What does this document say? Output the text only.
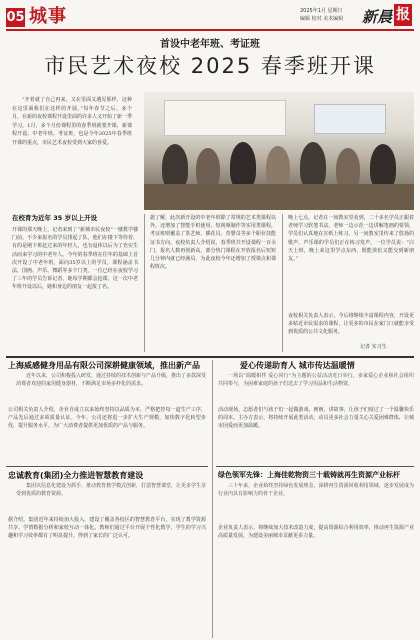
05 城事	2025年1月 星期日
编辑 校对 美术编辑 新晨 报
首设中老年班、考证班
市民艺术夜校 2025 春季班开课
“开着就了自己再来，又在里面又遇见那样，这种在这里面我们在这样的开展。”每年春节之后，多个月，在新的夜校课程开设里面的许多人又开始了新一季学习。1月，多个月份课程里的春季班就要开课，新课程开设、中老年班、考证班，也是今年2025年春季班开课的重点，市民艺术夜校受到大家的喜爱。
在校育为近年 35 岁以上开设
开课的那天晚上，记者来到了“新城市民夜校”一楼教学楼门前，不少来报名的学员排起了队，他们在楼下等待着，有的是刚下班赶过来的年轻人，也有退休以后为了充实生活而来学习的中老年人。今年的春季班在往年的基础上首次开设了中老年班，面向35岁以上的学员，课程涵盖书法、国画、声乐、舞蹈等多个门类。一位已经在夜校学习了三年的学员告诉记者，她每学期都会抢课，这一次中老年班开设以后，她和身边的朋友一起报了名。
据了解，此次新开设的中老年班除了常规的艺术类课程以外，还增加了智能手机使用、短视频制作等实用类课程，考证班则覆盖了茶艺师、插花员、育婴员等多个职业技能证书方向。夜校负责人介绍说，春季班共开设课程一百余门，报名人数再创新高，部分热门课程在开放报名后短短几分钟内就已经满员，为此夜校今年还增加了授课点和课程班次。
晚上七点，记者在一间教室里看到，二十多名学员正跟着老师学习软笔书法，老师一边示范一边讲解笔画的要领，学员们认真地在宣纸上练习。另一间教室里传来了悠扬的歌声，声乐课的学员们正在练习发声。一位学员说：“白天上班，晚上来这里学点东西，既能放松又能交到新朋友。”
夜校相关负责人表示，今后将继续丰富课程内容，开设更多贴近市民需求的课程，让更多的市民在家门口就能享受到优质的公共文化服务。
记者 实习生
上海威感健身用品有限公司深耕健康领域，推出新产品
近年以来，公司积极投入研发，通过持续的技术创新与产品升级，推出了多款深受消费者欢迎的家用健身器材，不断满足市场多样化的需求。
公司相关负责人介绍，企业自成立以来始终坚持以品质为本，严格把控每一道生产工序，产品先后通过多项质量认证。今年，公司还将进一步扩大生产规模，加快数字化转型步伐，提升服务水平，为广大消费者提供更加优质的产品与服务。
爱心传递助育人 城市传达温暖情
一场以“温暖相伴 爱心同行”为主题的公益活动近日举行，多家爱心企业和社会组织共同参与，为困难家庭的孩子们送去了学习用品和生活物资。
活动现场，志愿者们与孩子们一起做游戏、画画、讲故事，让孩子们度过了一个温馨快乐的周末。主办方表示，将持续开展此类活动，动员更多社会力量关心关爱困难群体，让城市因爱而更加温暖。
忠诚教育(集团)全力推进智慧教育建设
集团以信息化建设为抓手，推动教育教学模式创新，打造智慧课堂，让更多学生享受到优质的教育资源。
据介绍，集团近年来持续加大投入，建设了覆盖各校区的智慧教育平台，实现了教学资源共享、学情数据分析和家校互动一体化。教师们通过平台开展个性化教学，学生的学习兴趣和学习效率都有了明显提升，得到了家长的广泛认可。
绿色领军先锋：上海佳乾物资三十载铸就再生资源产业标杆
三十年来，企业始终坚持绿色发展理念，深耕再生资源回收利用领域，逐步发展成为行业内具有影响力的骨干企业。
企业负责人表示，将继续加大技术改造力度，提高资源综合利用效率，推动再生资源产业高质量发展，为建设美丽城市贡献更多力量。
